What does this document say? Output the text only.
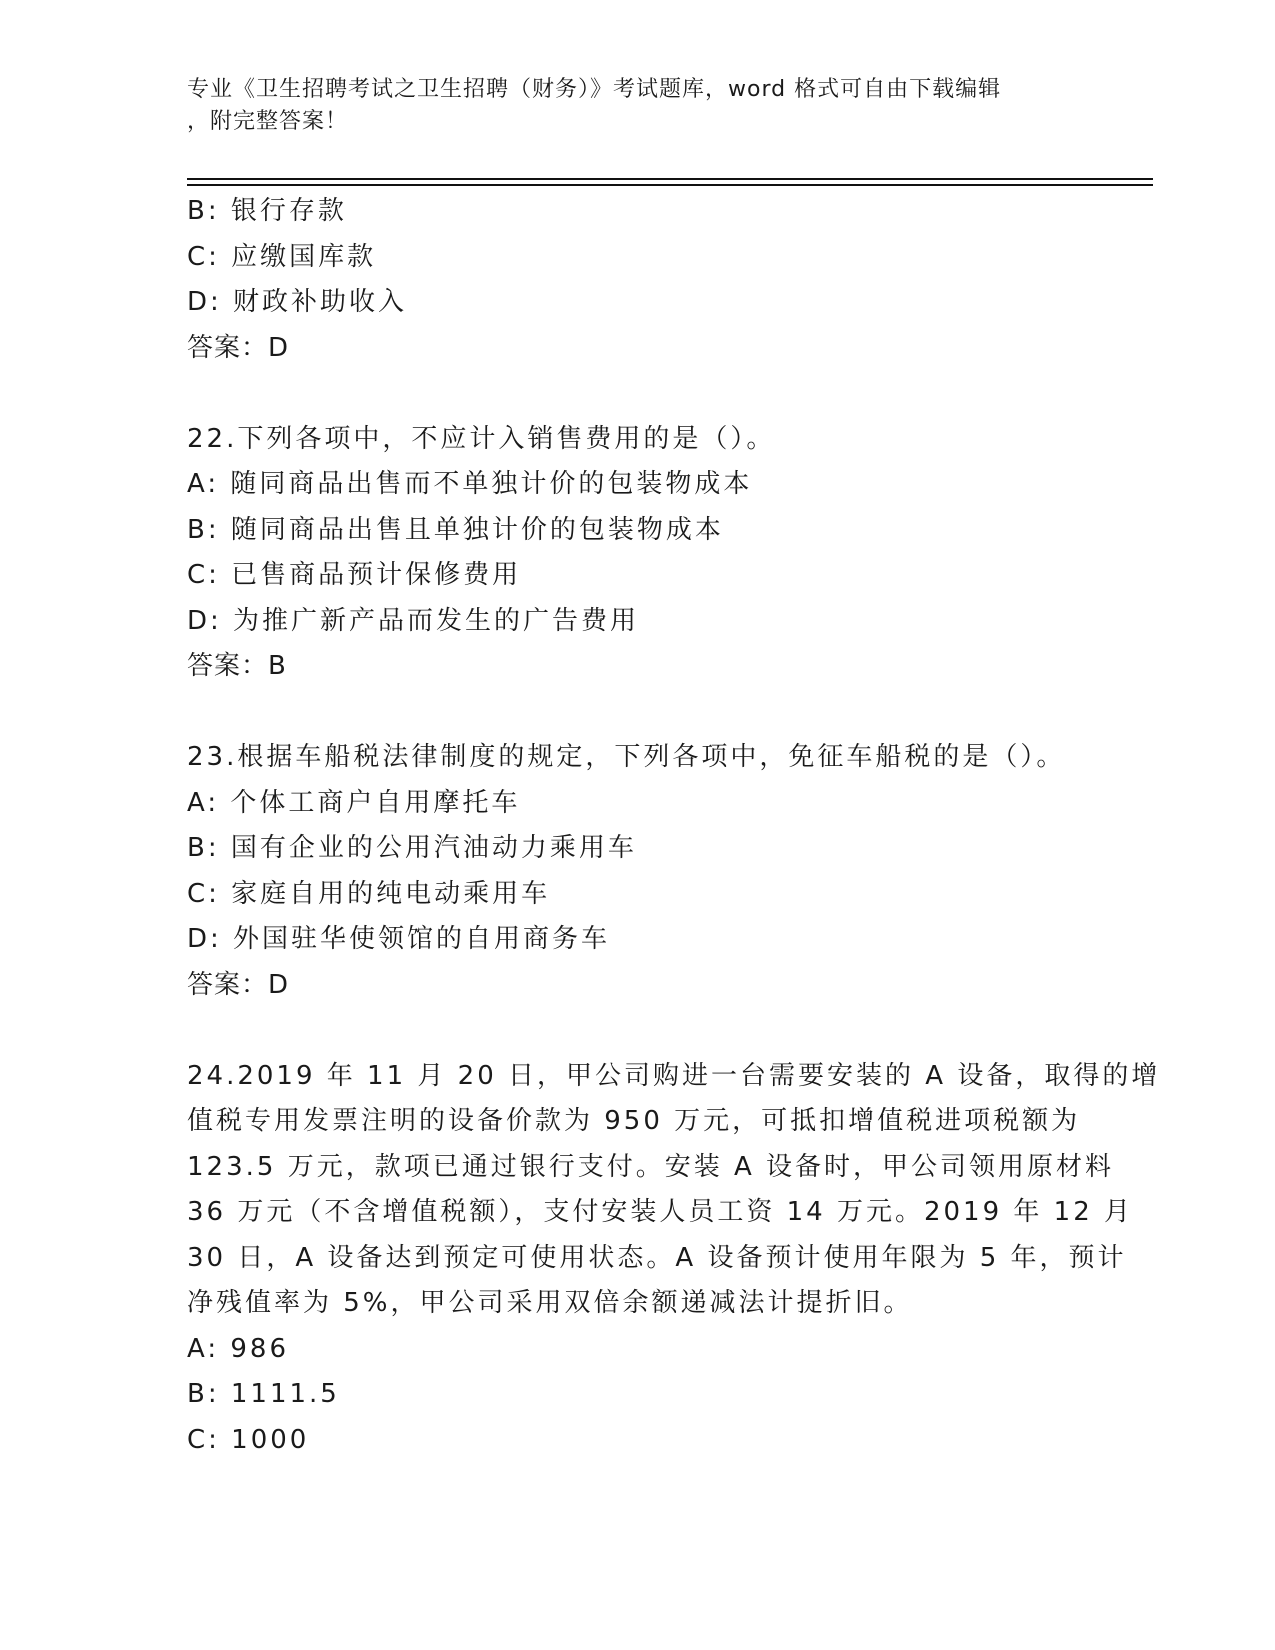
专业《卫生招聘考试之卫生招聘（财务）》考试题库，word 格式可自由下载编辑
，附完整答案！
B: 银行存款
C: 应缴国库款
D: 财政补助收入
答案：D
22.下列各项中，不应计入销售费用的是（）。
A: 随同商品出售而不单独计价的包装物成本
B: 随同商品出售且单独计价的包装物成本
C: 已售商品预计保修费用
D: 为推广新产品而发生的广告费用
答案：B
23.根据车船税法律制度的规定，下列各项中，免征车船税的是（）。
A: 个体工商户自用摩托车
B: 国有企业的公用汽油动力乘用车
C: 家庭自用的纯电动乘用车
D: 外国驻华使领馆的自用商务车
答案：D
24.2019 年 11 月 20 日，甲公司购进一台需要安装的 A 设备，取得的增
值税专用发票注明的设备价款为 950 万元，可抵扣增值税进项税额为
123.5 万元，款项已通过银行支付。安装 A 设备时，甲公司领用原材料
36 万元（不含增值税额），支付安装人员工资 14 万元。2019 年 12 月
30 日，A 设备达到预定可使用状态。A 设备预计使用年限为 5 年，预计
净残值率为 5%，甲公司采用双倍余额递减法计提折旧。
A: 986
B: 1111.5
C: 1000
